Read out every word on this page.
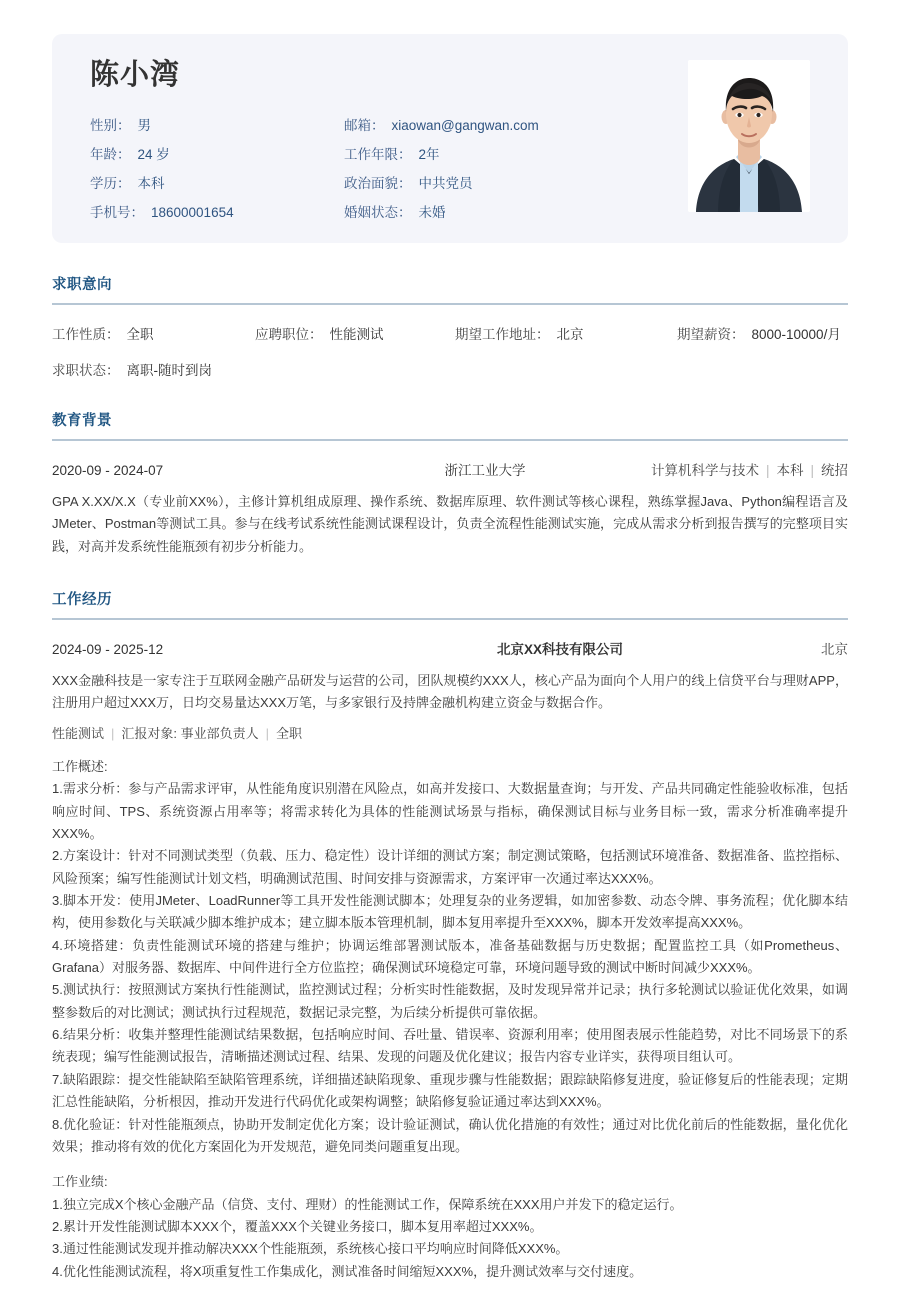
陈小湾
性别： 男	邮箱： xiaowan@gangwan.com
年龄： 24 岁	工作年限： 2年
学历： 本科	政治面貌： 中共党员
手机号： 18600001654	婚姻状态： 未婚
求职意向
工作性质： 全职	应聘职位： 性能测试	期望工作地址： 北京	期望薪资： 8000-10000/月
求职状态： 离职-随时到岗
教育背景
2020-09 - 2024-07	浙江工业大学	计算机科学与技术 | 本科 | 统招
GPA X.XX/X.X（专业前XX%），主修计算机组成原理、操作系统、数据库原理、软件测试等核心课程，熟练掌握Java、Python编程语言及JMeter、Postman等测试工具。参与在线考试系统性能测试课程设计，负责全流程性能测试实施，完成从需求分析到报告撰写的完整项目实践，对高并发系统性能瓶颈有初步分析能力。
工作经历
2024-09 - 2025-12	北京XX科技有限公司	北京
XXX金融科技是一家专注于互联网金融产品研发与运营的公司，团队规模约XXX人，核心产品为面向个人用户的线上信贷平台与理财APP，注册用户超过XXX万，日均交易量达XXX万笔，与多家银行及持牌金融机构建立资金与数据合作。
性能测试 | 汇报对象: 事业部负责人 | 全职
工作概述:

1.需求分析：参与产品需求评审，从性能角度识别潜在风险点，如高并发接口、大数据量查询；与开发、产品共同确定性能验收标准，包括响应时间、TPS、系统资源占用率等；将需求转化为具体的性能测试场景与指标，确保测试目标与业务目标一致，需求分析准确率提升XXX%。

2.方案设计：针对不同测试类型（负载、压力、稳定性）设计详细的测试方案；制定测试策略，包括测试环境准备、数据准备、监控指标、风险预案；编写性能测试计划文档，明确测试范围、时间安排与资源需求，方案评审一次通过率达XXX%。

3.脚本开发：使用JMeter、LoadRunner等工具开发性能测试脚本；处理复杂的业务逻辑，如加密参数、动态令牌、事务流程；优化脚本结构，使用参数化与关联减少脚本维护成本；建立脚本版本管理机制，脚本复用率提升至XXX%，脚本开发效率提高XXX%。

4.环境搭建：负责性能测试环境的搭建与维护；协调运维部署测试版本，准备基础数据与历史数据；配置监控工具（如Prometheus、Grafana）对服务器、数据库、中间件进行全方位监控；确保测试环境稳定可靠，环境问题导致的测试中断时间减少XXX%。

5.测试执行：按照测试方案执行性能测试，监控测试过程；分析实时性能数据，及时发现异常并记录；执行多轮测试以验证优化效果，如调整参数后的对比测试；测试执行过程规范，数据记录完整，为后续分析提供可靠依据。

6.结果分析：收集并整理性能测试结果数据，包括响应时间、吞吐量、错误率、资源利用率；使用图表展示性能趋势，对比不同场景下的系统表现；编写性能测试报告，清晰描述测试过程、结果、发现的问题及优化建议；报告内容专业详实，获得项目组认可。

7.缺陷跟踪：提交性能缺陷至缺陷管理系统，详细描述缺陷现象、重现步骤与性能数据；跟踪缺陷修复进度，验证修复后的性能表现；定期汇总性能缺陷，分析根因，推动开发进行代码优化或架构调整；缺陷修复验证通过率达到XXX%。

8.优化验证：针对性能瓶颈点，协助开发制定优化方案；设计验证测试，确认优化措施的有效性；通过对比优化前后的性能数据，量化优化效果；推动将有效的优化方案固化为开发规范，避免同类问题重复出现。

工作业绩:

1.独立完成X个核心金融产品（信贷、支付、理财）的性能测试工作，保障系统在XXX用户并发下的稳定运行。

2.累计开发性能测试脚本XXX个，覆盖XXX个关键业务接口，脚本复用率超过XXX%。

3.通过性能测试发现并推动解决XXX个性能瓶颈，系统核心接口平均响应时间降低XXX%。

4.优化性能测试流程，将X项重复性工作集成化，测试准备时间缩短XXX%，提升测试效率与交付速度。
